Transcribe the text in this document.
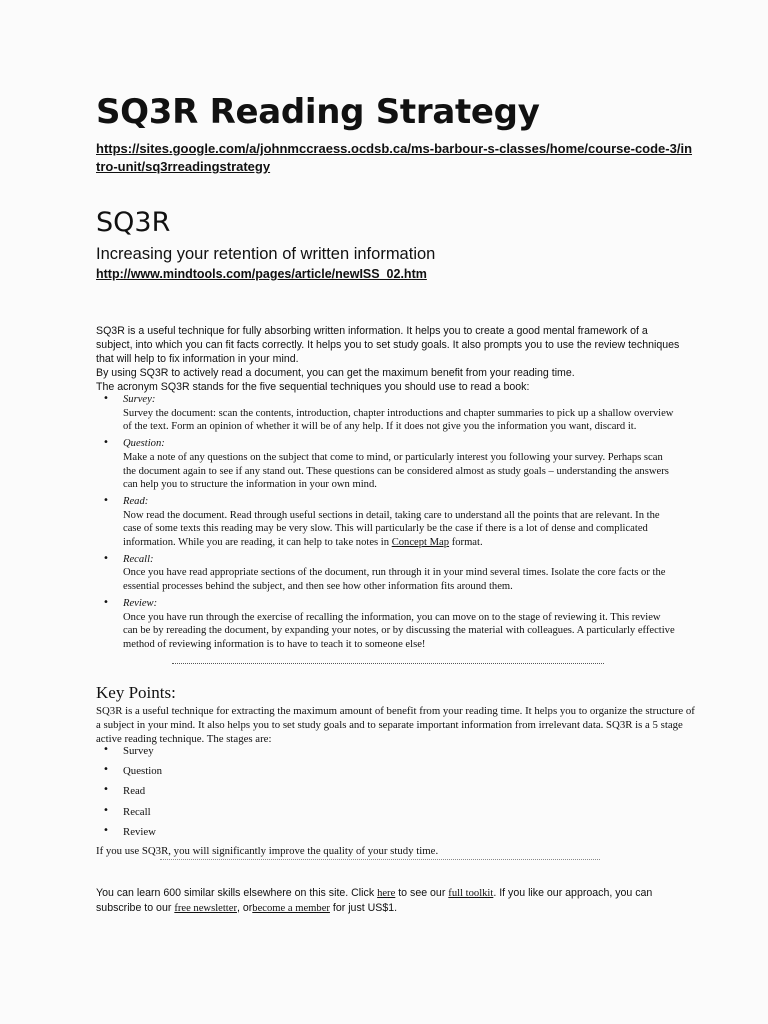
SQ3R Reading Strategy
https://sites.google.com/a/johnmccraess.ocdsb.ca/ms-barbour-s-classes/home/course-code-3/intro-unit/sq3rreadingstrategy
SQ3R
Increasing your retention of written information
http://www.mindtools.com/pages/article/newISS_02.htm

SQ3R is a useful technique for fully absorbing written information. It helps you to create a good mental framework of a subject, into which you can fit facts correctly. It helps you to set study goals. It also prompts you to use the review techniques that will help to fix information in your mind.

By using SQ3R to actively read a document, you can get the maximum benefit from your reading time.

The acronym SQ3R stands for the five sequential techniques you should use to read a book:

• Survey:
Survey the document: scan the contents, introduction, chapter introductions and chapter summaries to pick up a shallow overview of the text. Form an opinion of whether it will be of any help. If it does not give you the information you want, discard it.
• Question:
Make a note of any questions on the subject that come to mind, or particularly interest you following your survey. Perhaps scan the document again to see if any stand out. These questions can be considered almost as study goals – understanding the answers can help you to structure the information in your own mind.
• Read:
Now read the document. Read through useful sections in detail, taking care to understand all the points that are relevant. In the case of some texts this reading may be very slow. This will particularly be the case if there is a lot of dense and complicated information. While you are reading, it can help to take notes in Concept Map format.
• Recall:
Once you have read appropriate sections of the document, run through it in your mind several times. Isolate the core facts or the essential processes behind the subject, and then see how other information fits around them.
• Review:
Once you have run through the exercise of recalling the information, you can move on to the stage of reviewing it. This review can be by rereading the document, by expanding your notes, or by discussing the material with colleagues. A particularly effective method of reviewing information is to have to teach it to someone else!
Key Points:
SQ3R is a useful technique for extracting the maximum amount of benefit from your reading time. It helps you to organize the structure of a subject in your mind. It also helps you to set study goals and to separate important information from irrelevant data. SQ3R is a 5 stage active reading technique. The stages are:
• Survey
• Question
• Read
• Recall
• Review
If you use SQ3R, you will significantly improve the quality of your study time.
You can learn 600 similar skills elsewhere on this site. Click here to see our full toolkit. If you like our approach, you can subscribe to our free newsletter, orbecome a member for just US$1.
